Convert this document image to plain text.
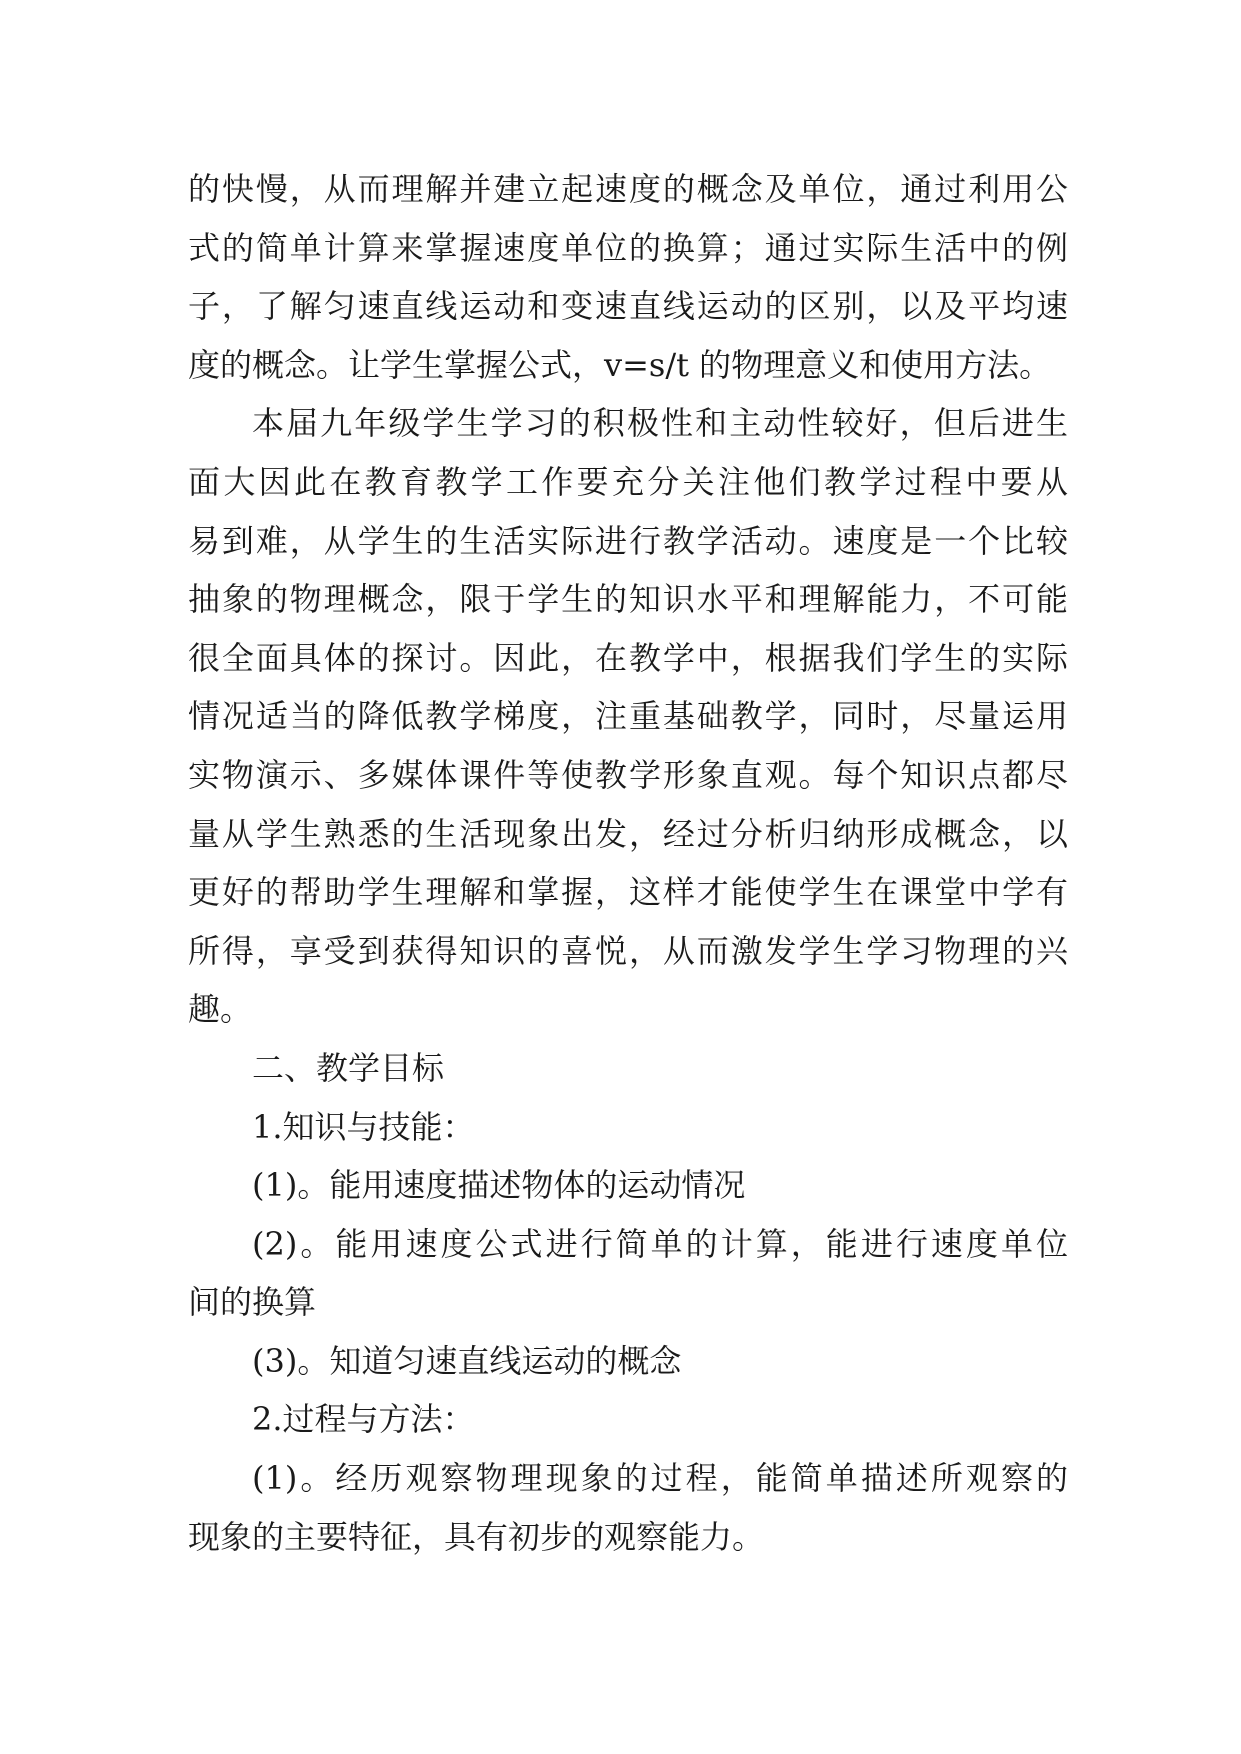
的快慢，从而理解并建立起速度的概念及单位，通过利用公
式的简单计算来掌握速度单位的换算；通过实际生活中的例
子，了解匀速直线运动和变速直线运动的区别，以及平均速
度的概念。让学生掌握公式，v=s/t 的物理意义和使用方法。
本届九年级学生学习的积极性和主动性较好，但后进生
面大因此在教育教学工作要充分关注他们教学过程中要从
易到难，从学生的生活实际进行教学活动。速度是一个比较
抽象的物理概念，限于学生的知识水平和理解能力，不可能
很全面具体的探讨。因此，在教学中，根据我们学生的实际
情况适当的降低教学梯度，注重基础教学，同时，尽量运用
实物演示、多媒体课件等使教学形象直观。每个知识点都尽
量从学生熟悉的生活现象出发，经过分析归纳形成概念，以
更好的帮助学生理解和掌握，这样才能使学生在课堂中学有
所得，享受到获得知识的喜悦，从而激发学生学习物理的兴
趣。
二、教学目标
1.知识与技能：
(1)。能用速度描述物体的运动情况
(2)。能用速度公式进行简单的计算，能进行速度单位
间的换算
(3)。知道匀速直线运动的概念
2.过程与方法：
(1)。经历观察物理现象的过程，能简单描述所观察的
现象的主要特征，具有初步的观察能力。
